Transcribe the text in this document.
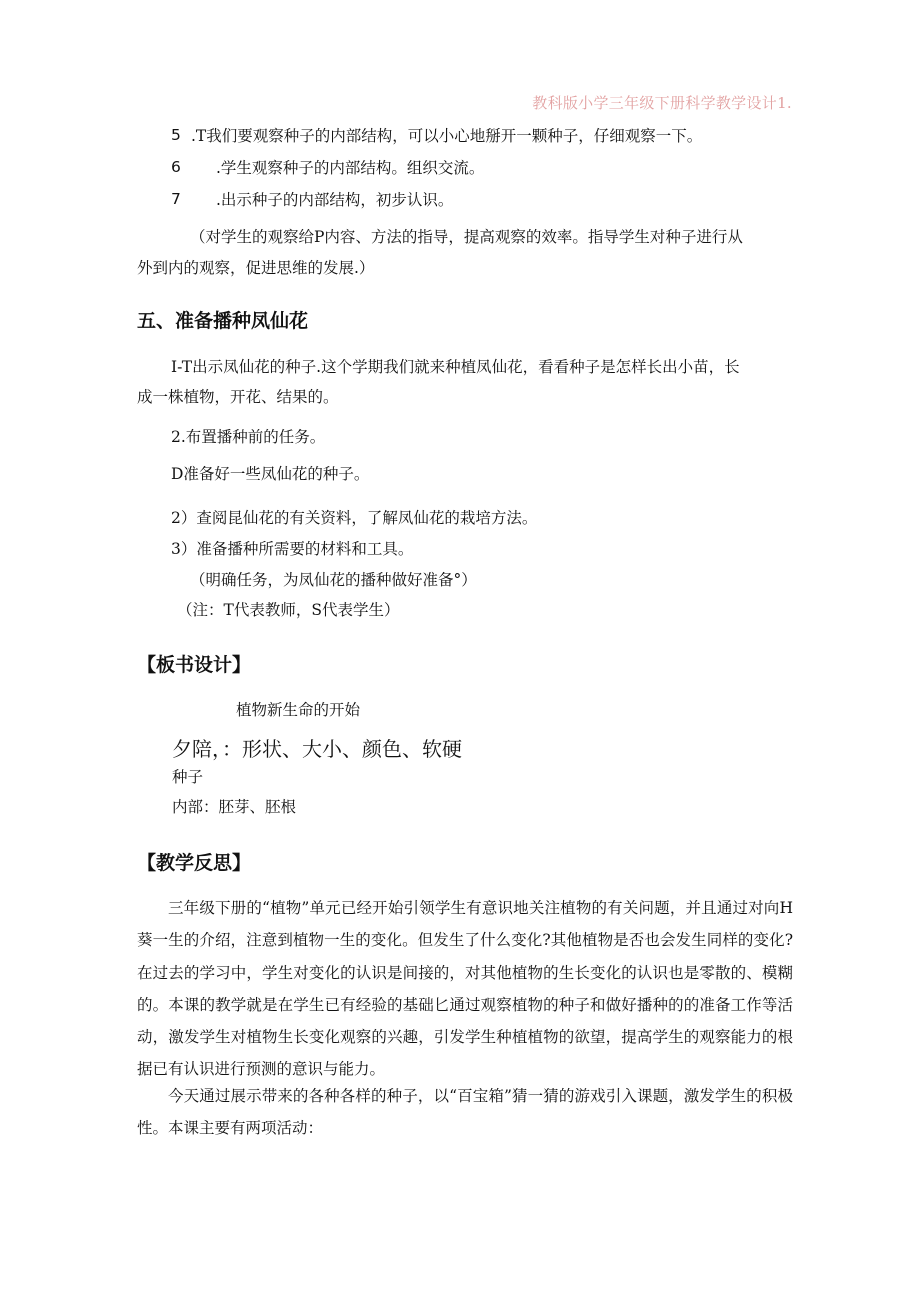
教科版小学三年级下册科学教学设计1.
5 .T我们要观察种子的内部结构，可以小心地掰开一颗种子，仔细观察一下。
6 .学生观察种子的内部结构。组织交流。
7 .出示种子的内部结构，初步认识。
（对学生的观察给P内容、方法的指导，提高观察的效率。指导学生对种子进行从
外到内的观察，促进思维的发展.）
五、准备播种凤仙花
I-T出示凤仙花的种子.这个学期我们就来种植凤仙花，看看种子是怎样长出小苗，长
成一株植物，开花、结果的。
2.布置播种前的任务。
D准备好一些凤仙花的种子。
2）查阅昆仙花的有关资料，了解凤仙花的栽培方法。
3）准备播种所需要的材料和工具。
（明确任务，为凤仙花的播种做好准备°）
（注：T代表教师，S代表学生）
【板书设计】
植物新生命的开始
夕陪，：形状、大小、颜色、软硬
种子
内部：胚芽、胚根
【教学反思】
三年级下册的“植物”单元已经开始引领学生有意识地关注植物的有关问题，并且通过对向H葵一生的介绍，注意到植物一生的变化。但发生了什么变化?其他植物是否也会发生同样的变化?在过去的学习中，学生对变化的认识是间接的，对其他植物的生长变化的认识也是零散的、模糊的。本课的教学就是在学生已有经验的基础匕通过观察植物的种子和做好播种的的准备工作等活动，激发学生对植物生长变化观察的兴趣，引发学生种植植物的欲望，提高学生的观察能力的根据已有认识进行预测的意识与能力。
今天通过展示带来的各种各样的种子，以“百宝箱”猜一猜的游戏引入课题，激发学生的积极性。本课主要有两项活动：
